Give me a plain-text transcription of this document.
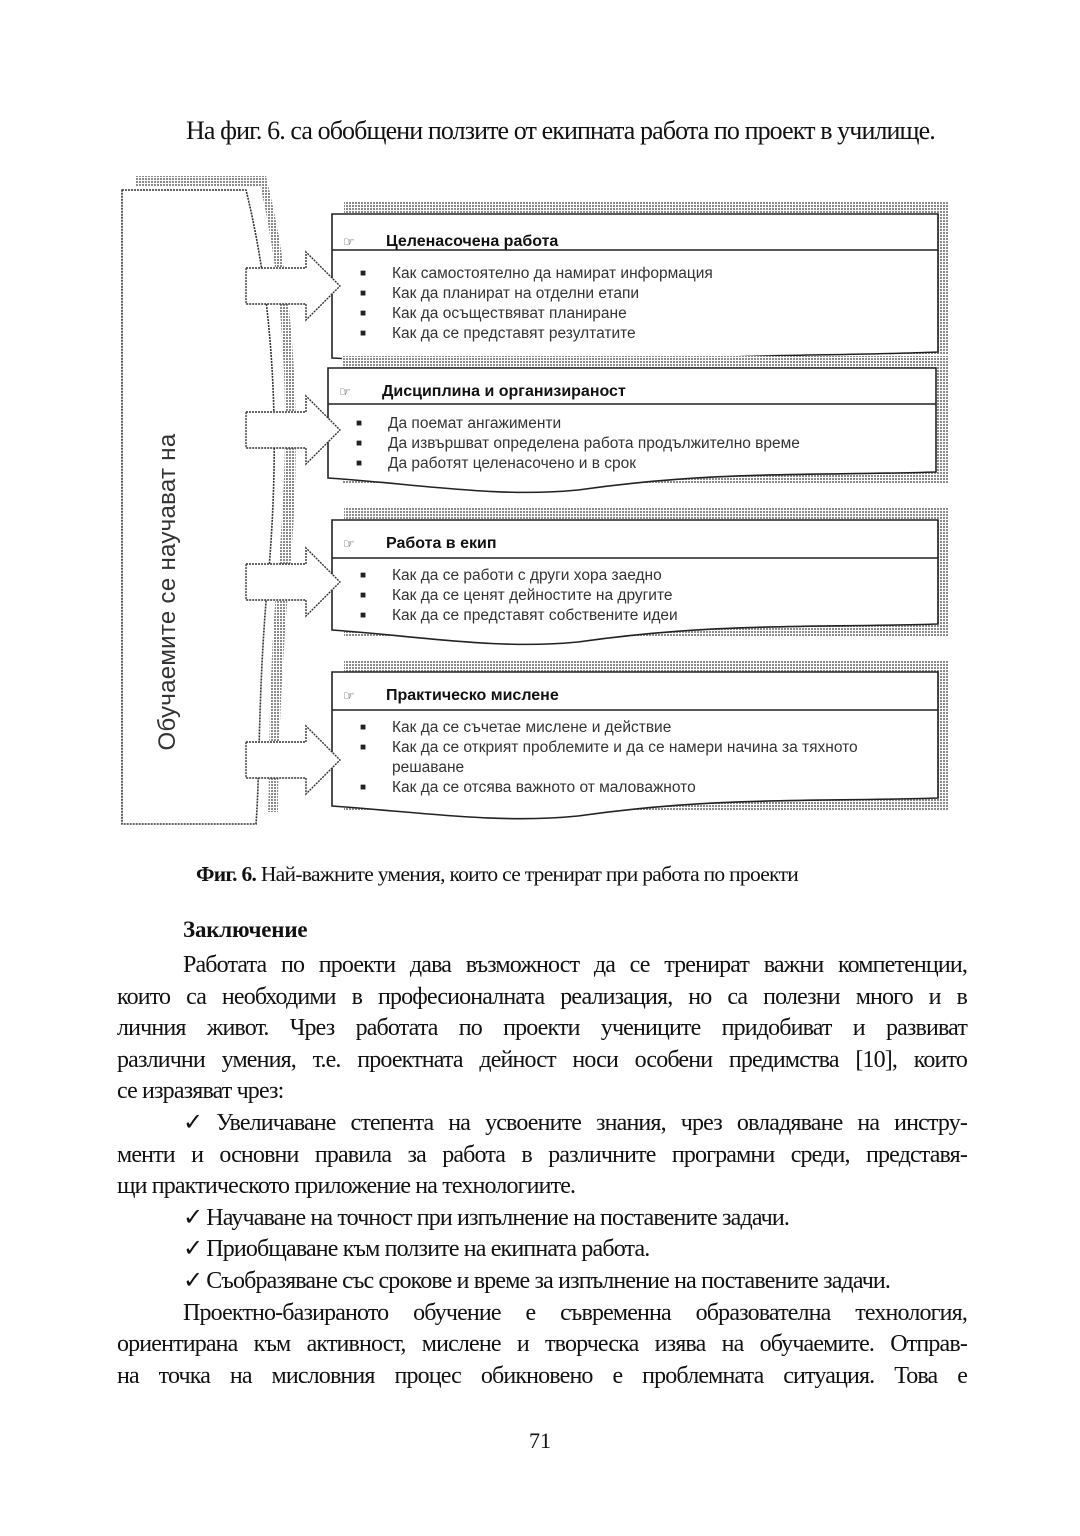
На фиг. 6. са обобщени ползите от екипната работа по проект в училище.
Обучаемите се научават на
☞	Целенасочена работа
■	Как самостоятелно да намират информация
■	Как да планират на отделни етапи
■	Как да осъществяват планиране
■	Как да се представят резултатите
☞	Дисциплина и организираност
■	Да поемат ангажименти
■	Да извършват определена работа продължително време
■	Да работят целенасочено и в срок
☞	Работа в екип
■	Как да се работи с други хора заедно
■	Как да се ценят дейностите на другите
■	Как да се представят собствените идеи
☞	Практическо мислене
■	Как да се съчетае мислене и действие
■	Как да се открият проблемите и да се намери начина за тяхното решаване
■	Как да се отсява важното от маловажното
Фиг. 6. Най-важните умения, които се тренират при работа по проекти
Заключение

Работата по проекти дава възможност да се тренират важни компетенции,

които са необходими в професионалната реализация, но са полезни много и в

личния живот. Чрез работата по проекти учениците придобиват и развиват

различни умения, т.е. проектната дейност носи особени предимства [10], които

се изразяват чрез:

✓ Увеличаване степента на усвоените знания, чрез овладяване на инстру-

менти и основни правила за работа в различните програмни среди, представя-

щи практическото приложение на технологиите.

✓ Научаване на точност при изпълнение на поставените задачи.

✓ Приобщаване към ползите на екипната работа.

✓ Съобразяване със срокове и време за изпълнение на поставените задачи.

Проектно-базираното обучение е съвременна образователна технология,

ориентирана към активност, мислене и творческа изява на обучаемите. Отправ-

на точка на мисловния процес обикновено е проблемната ситуация. Това е

71
